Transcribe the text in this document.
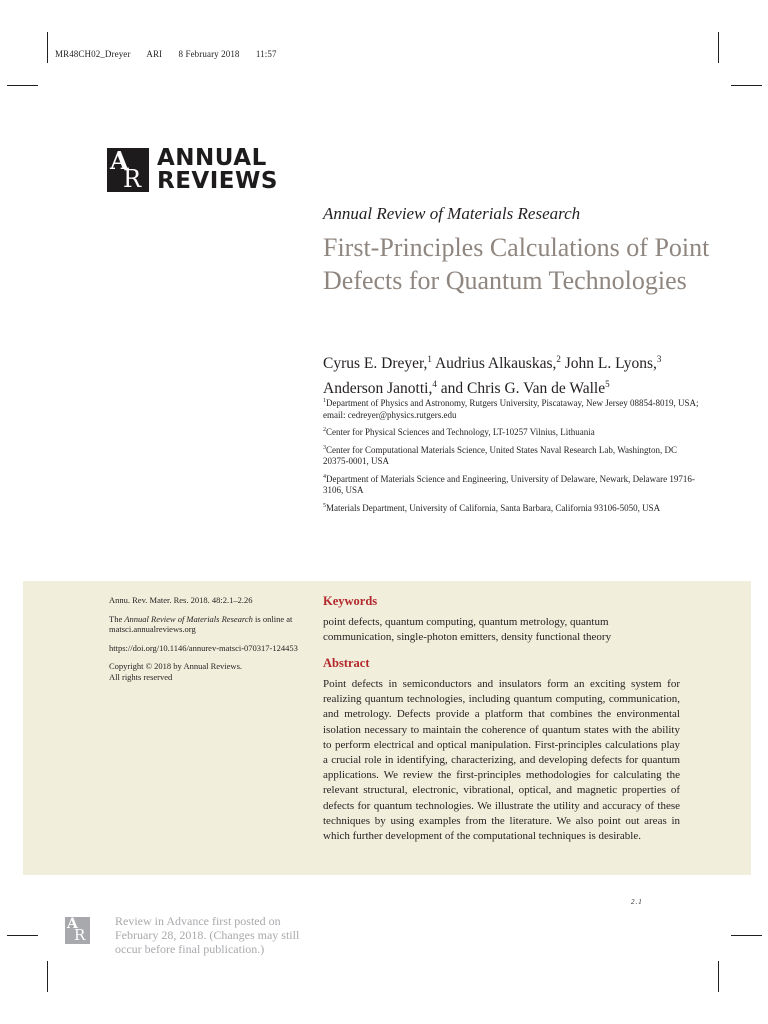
MR48CH02_Dreyer ARI 8 February 2018 11:57
A
R
ANNUAL
REVIEWS
Annual Review of Materials Research
First-Principles Calculations of Point Defects for Quantum Technologies
Cyrus E. Dreyer,$^1$ Audrius Alkauskas,$^2$ John L. Lyons,$^3$ Anderson Janotti,$^4$ and Chris G. Van de Walle$^5$
$^1$Department of Physics and Astronomy, Rutgers University, Piscataway, New Jersey 08854-8019, USA; email: cedreyer@physics.rutgers.edu
$^2$Center for Physical Sciences and Technology, LT-10257 Vilnius, Lithuania
$^3$Center for Computational Materials Science, United States Naval Research Lab, Washington, DC 20375-0001, USA
$^4$Department of Materials Science and Engineering, University of Delaware, Newark, Delaware 19716-3106, USA
$^5$Materials Department, University of California, Santa Barbara, California 93106-5050, USA

Annu. Rev. Mater. Res. 2018. 48:2.1–2.26

The Annual Review of Materials Research is online at matsci.annualreviews.org

https://doi.org/10.1146/annurev-matsci-070317-124453

Copyright © 2018 by Annual Reviews.
All rights reserved

Keywords
point defects, quantum computing, quantum metrology, quantum communication, single-photon emitters, density functional theory
Abstract
Point defects in semiconductors and insulators form an exciting system for realizing quantum technologies, including quantum computing, communication, and metrology. Defects provide a platform that combines the environmental isolation necessary to maintain the coherence of quantum states with the ability to perform electrical and optical manipulation. First-principles calculations play a crucial role in identifying, characterizing, and developing defects for quantum applications. We review the first-principles methodologies for calculating the relevant structural, electronic, vibrational, optical, and magnetic properties of defects for quantum technologies. We illustrate the utility and accuracy of these techniques by using examples from the literature. We also point out areas in which further development of the computational techniques is desirable.
2.1
A
R
Review in Advance first posted on February 28, 2018. (Changes may still occur before final publication.)
